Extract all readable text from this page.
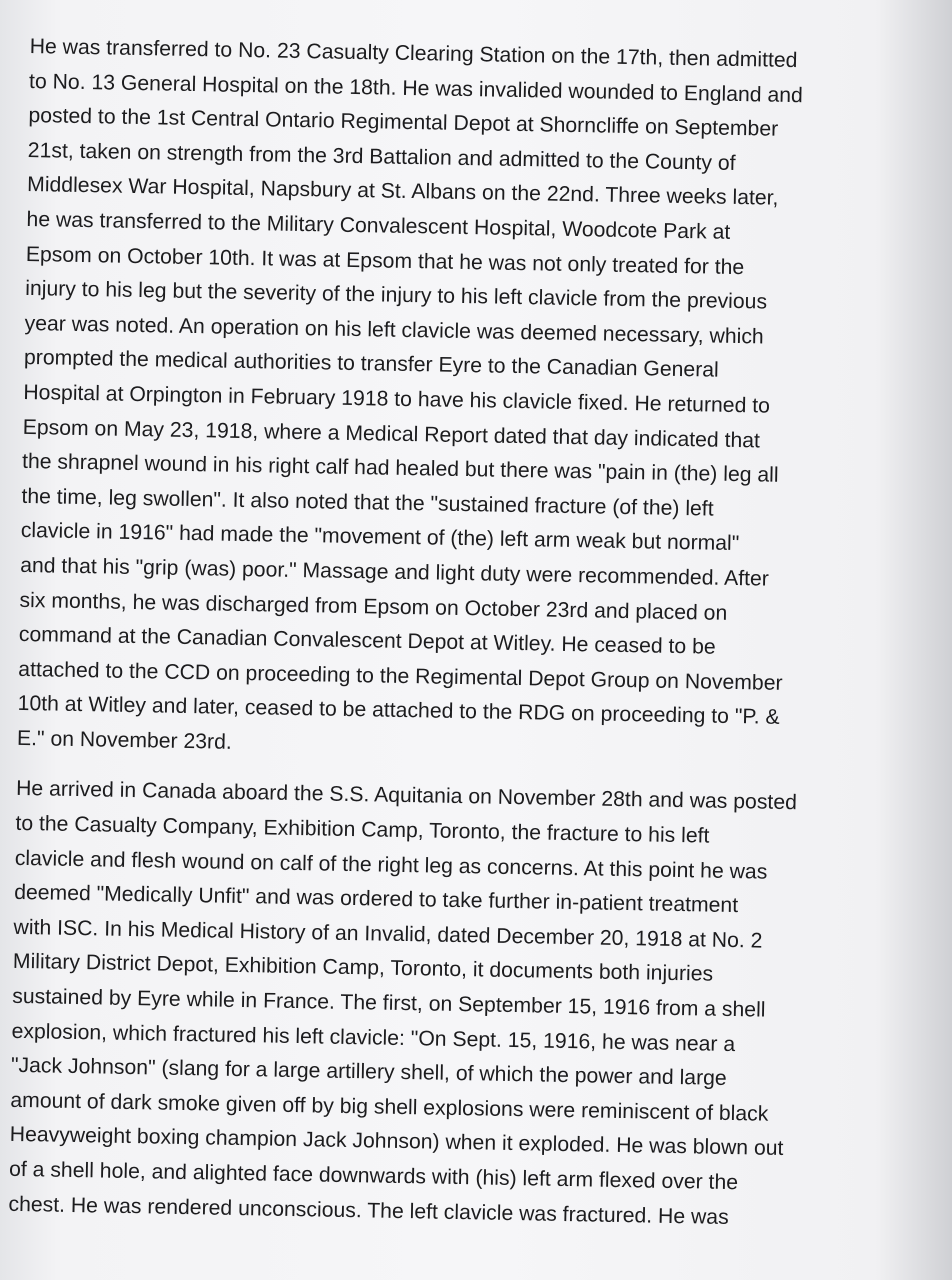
He was transferred to No. 23 Casualty Clearing Station on the 17th, then admitted
to No. 13 General Hospital on the 18th. He was invalided wounded to England and
posted to the 1st Central Ontario Regimental Depot at Shorncliffe on September
21st, taken on strength from the 3rd Battalion and admitted to the County of
Middlesex War Hospital, Napsbury at St. Albans on the 22nd. Three weeks later,
he was transferred to the Military Convalescent Hospital, Woodcote Park at
Epsom on October 10th. It was at Epsom that he was not only treated for the
injury to his leg but the severity of the injury to his left clavicle from the previous
year was noted. An operation on his left clavicle was deemed necessary, which
prompted the medical authorities to transfer Eyre to the Canadian General
Hospital at Orpington in February 1918 to have his clavicle fixed. He returned to
Epsom on May 23, 1918, where a Medical Report dated that day indicated that
the shrapnel wound in his right calf had healed but there was "pain in (the) leg all
the time, leg swollen". It also noted that the "sustained fracture (of the) left
clavicle in 1916" had made the "movement of (the) left arm weak but normal"
and that his "grip (was) poor." Massage and light duty were recommended. After
six months, he was discharged from Epsom on October 23rd and placed on
command at the Canadian Convalescent Depot at Witley. He ceased to be
attached to the CCD on proceeding to the Regimental Depot Group on November
10th at Witley and later, ceased to be attached to the RDG on proceeding to "P. &
E." on November 23rd.
He arrived in Canada aboard the S.S. Aquitania on November 28th and was posted
to the Casualty Company, Exhibition Camp, Toronto, the fracture to his left
clavicle and flesh wound on calf of the right leg as concerns. At this point he was
deemed "Medically Unfit" and was ordered to take further in-patient treatment
with ISC. In his Medical History of an Invalid, dated December 20, 1918 at No. 2
Military District Depot, Exhibition Camp, Toronto, it documents both injuries
sustained by Eyre while in France. The first, on September 15, 1916 from a shell
explosion, which fractured his left clavicle: "On Sept. 15, 1916, he was near a
"Jack Johnson" (slang for a large artillery shell, of which the power and large
amount of dark smoke given off by big shell explosions were reminiscent of black
Heavyweight boxing champion Jack Johnson) when it exploded. He was blown out
of a shell hole, and alighted face downwards with (his) left arm flexed over the
chest. He was rendered unconscious. The left clavicle was fractured. He was
